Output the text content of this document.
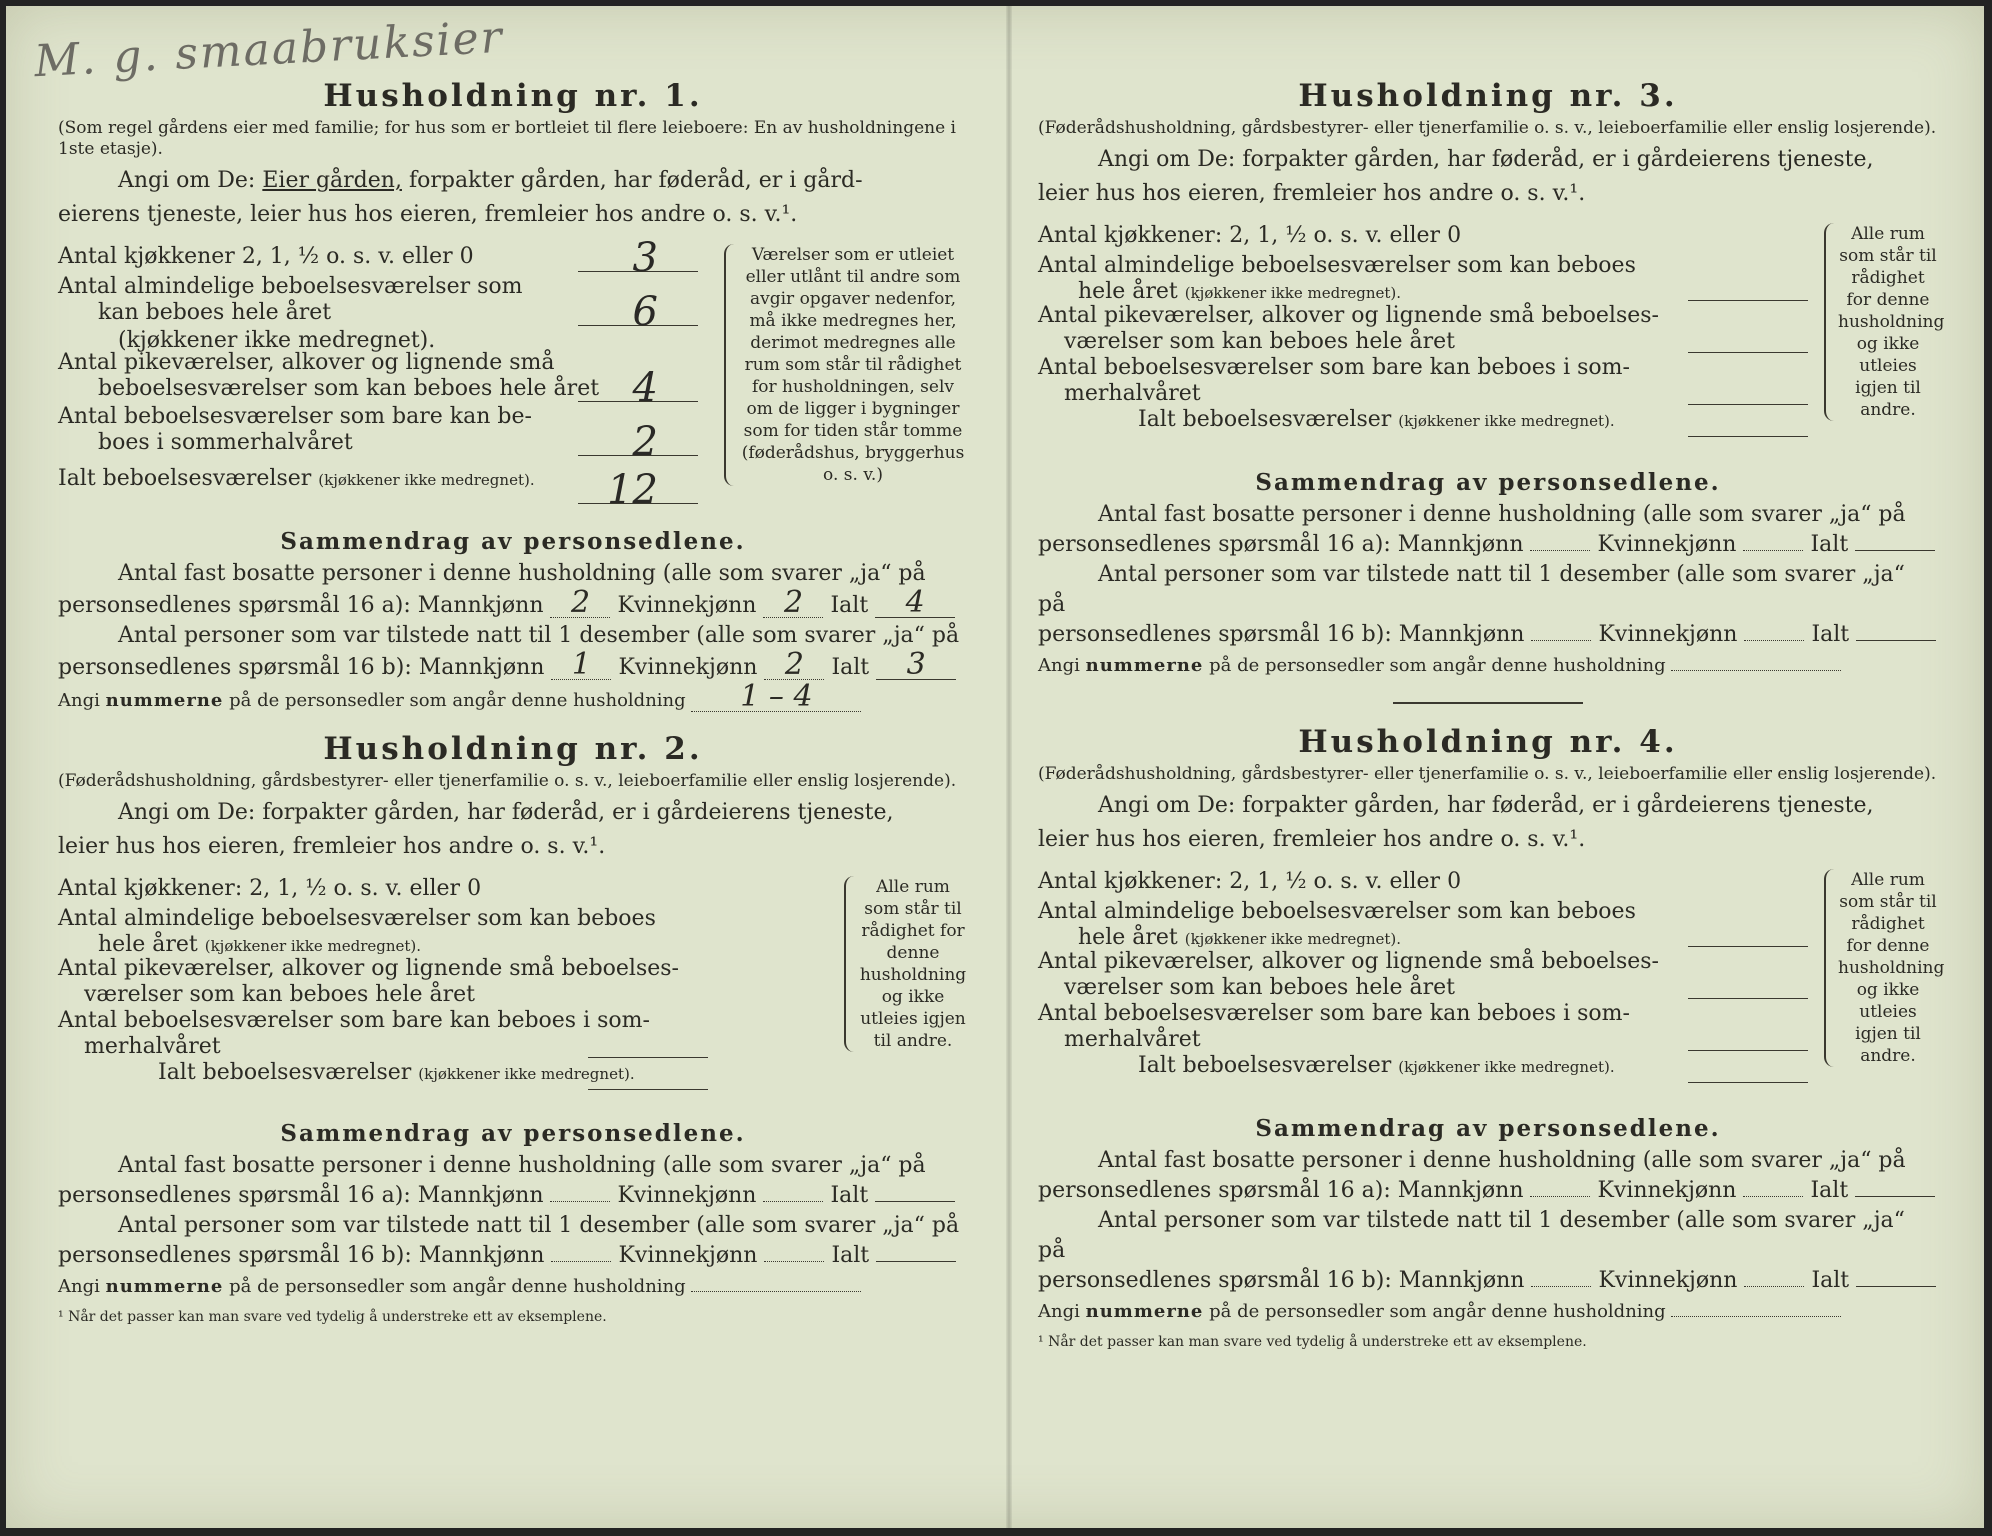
M. g. smaabruksier
Husholdning nr. 1.
(Som regel gårdens eier med familie; for hus som er bortleiet til flere leieboere: En av husholdningene i 1ste etasje).
Angi om De: Eier gården, forpakter gården, har føderåd, er i gård-
eierens tjeneste, leier hus hos eieren, fremleier hos andre o. s. v.¹.
Antal kjøkkener 2, 1, ½ o. s. v. eller 0	3
Antal almindelige beboelsesværelser som
kan beboes hele året	6
(kjøkkener ikke medregnet).
Antal pikeværelser, alkover og lignende små
beboelsesværelser som kan beboes hele året 4
Antal beboelsesværelser som bare kan be-
boes i sommerhalvåret	2
Ialt beboelsesværelser (kjøkkener ikke medregnet). 12
Værelser som er utleiet eller utlånt til andre som avgir opgaver nedenfor, må ikke medregnes her, derimot medregnes alle rum som står til rådighet for husholdningen, selv om de ligger i bygninger som for tiden står tomme (føderådshus, bryggerhus o. s. v.)
Sammendrag av personsedlene.
Antal fast bosatte personer i denne husholdning (alle som svarer „ja“ på
personsedlenes spørsmål 16 a): Mannkjønn 2 Kvinnekjønn 2 Ialt 4
Antal personer som var tilstede natt til 1 desember (alle som svarer „ja“ på
personsedlenes spørsmål 16 b): Mannkjønn 1 Kvinnekjønn 2 Ialt 3
Angi nummerne på de personsedler som angår denne husholdning 1 – 4
Husholdning nr. 2.
(Føderådshusholdning, gårdsbestyrer- eller tjenerfamilie o. s. v., leieboerfamilie eller enslig losjerende).
Angi om De: forpakter gården, har føderåd, er i gårdeierens tjeneste,
leier hus hos eieren, fremleier hos andre o. s. v.¹.
Antal kjøkkener: 2, 1, ½ o. s. v. eller 0
Antal almindelige beboelsesværelser som kan beboes
hele året (kjøkkener ikke medregnet).
Antal pikeværelser, alkover og lignende små beboelses-
værelser som kan beboes hele året
Antal beboelsesværelser som bare kan beboes i som-
merhalvåret
Ialt beboelsesværelser (kjøkkener ikke medregnet).
Alle rum som står til rådighet for denne husholdning og ikke utleies igjen til andre.
Sammendrag av personsedlene.
Antal fast bosatte personer i denne husholdning (alle som svarer „ja“ på
personsedlenes spørsmål 16 a): Mannkjønn	Kvinnekjønn	Ialt
Antal personer som var tilstede natt til 1 desember (alle som svarer „ja“ på
personsedlenes spørsmål 16 b): Mannkjønn	Kvinnekjønn	Ialt
Angi nummerne på de personsedler som angår denne husholdning
¹ Når det passer kan man svare ved tydelig å understreke ett av eksemplene.
Husholdning nr. 3.
(Føderådshusholdning, gårdsbestyrer- eller tjenerfamilie o. s. v., leieboerfamilie eller enslig losjerende).
Angi om De: forpakter gården, har føderåd, er i gårdeierens tjeneste,
leier hus hos eieren, fremleier hos andre o. s. v.¹.
Antal kjøkkener: 2, 1, ½ o. s. v. eller 0
Antal almindelige beboelsesværelser som kan beboes
hele året (kjøkkener ikke medregnet).
Antal pikeværelser, alkover og lignende små beboelses-
værelser som kan beboes hele året
Antal beboelsesværelser som bare kan beboes i som-
merhalvåret
Ialt beboelsesværelser (kjøkkener ikke medregnet).
Alle rum som står til rådighet for denne husholdning og ikke utleies igjen til andre.
Sammendrag av personsedlene.
Antal fast bosatte personer i denne husholdning (alle som svarer „ja“ på
personsedlenes spørsmål 16 a): Mannkjønn	Kvinnekjønn	Ialt
Antal personer som var tilstede natt til 1 desember (alle som svarer „ja“ på
personsedlenes spørsmål 16 b): Mannkjønn	Kvinnekjønn	Ialt
Angi nummerne på de personsedler som angår denne husholdning
Husholdning nr. 4.
(Føderådshusholdning, gårdsbestyrer- eller tjenerfamilie o. s. v., leieboerfamilie eller enslig losjerende).
Angi om De: forpakter gården, har føderåd, er i gårdeierens tjeneste,
leier hus hos eieren, fremleier hos andre o. s. v.¹.
Antal kjøkkener: 2, 1, ½ o. s. v. eller 0
Antal almindelige beboelsesværelser som kan beboes
hele året (kjøkkener ikke medregnet).
Antal pikeværelser, alkover og lignende små beboelses-
værelser som kan beboes hele året
Antal beboelsesværelser som bare kan beboes i som-
merhalvåret
Ialt beboelsesværelser (kjøkkener ikke medregnet).
Alle rum som står til rådighet for denne husholdning og ikke utleies igjen til andre.
Sammendrag av personsedlene.
Antal fast bosatte personer i denne husholdning (alle som svarer „ja“ på
personsedlenes spørsmål 16 a): Mannkjønn	Kvinnekjønn	Ialt
Antal personer som var tilstede natt til 1 desember (alle som svarer „ja“ på
personsedlenes spørsmål 16 b): Mannkjønn	Kvinnekjønn	Ialt
Angi nummerne på de personsedler som angår denne husholdning
¹ Når det passer kan man svare ved tydelig å understreke ett av eksemplene.
